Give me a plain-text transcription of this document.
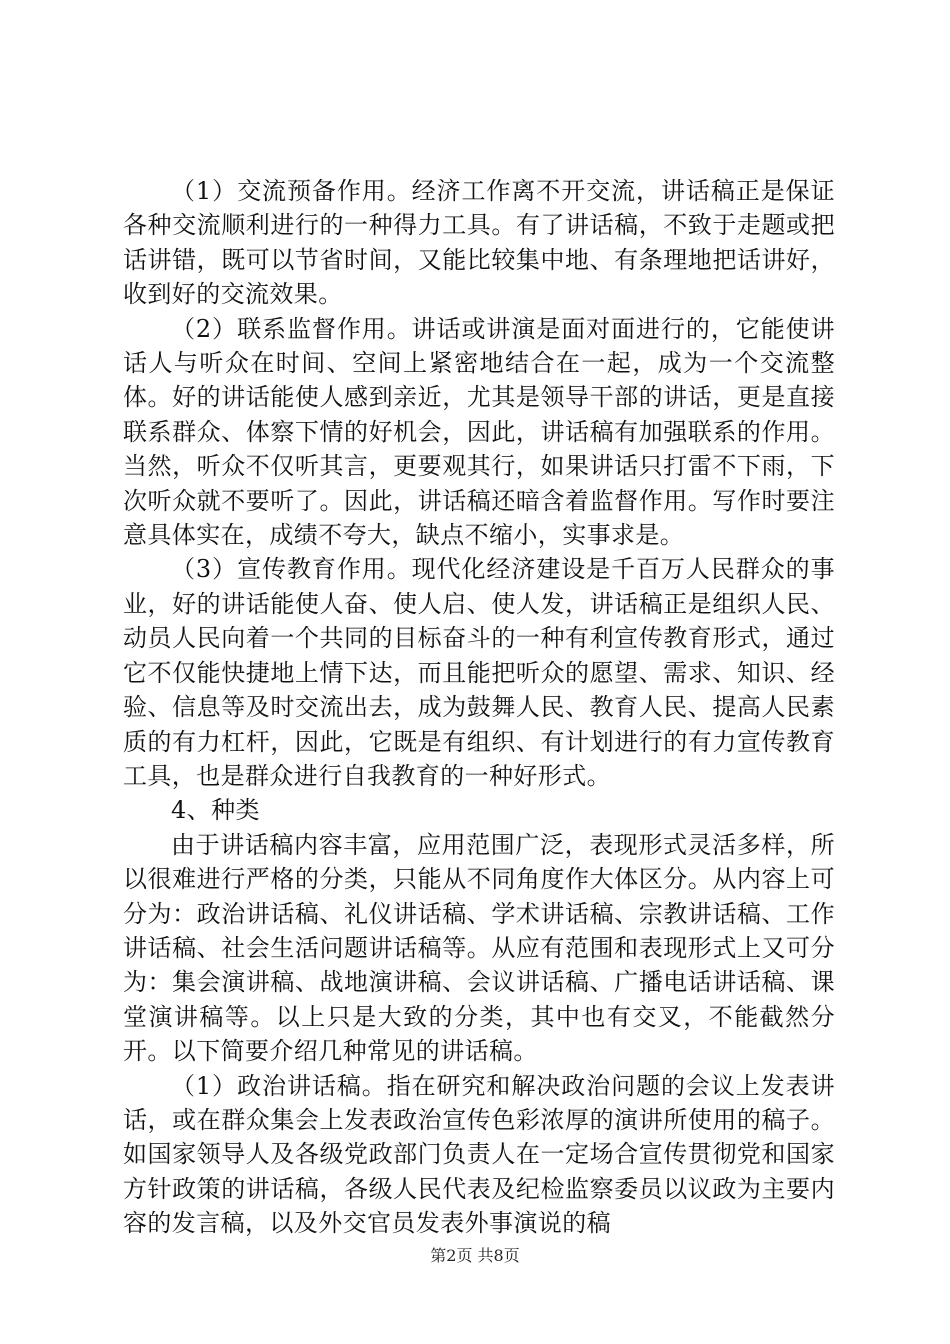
（1）交流预备作用。经济工作离不开交流，讲话稿正是保证各种交流顺利进行的一种得力工具。有了讲话稿，不致于走题或把话讲错，既可以节省时间，又能比较集中地、有条理地把话讲好，收到好的交流效果。

（2）联系监督作用。讲话或讲演是面对面进行的，它能使讲话人与听众在时间、空间上紧密地结合在一起，成为一个交流整体。好的讲话能使人感到亲近，尤其是领导干部的讲话，更是直接联系群众、体察下情的好机会，因此，讲话稿有加强联系的作用。当然，听众不仅听其言，更要观其行，如果讲话只打雷不下雨，下次听众就不要听了。因此，讲话稿还暗含着监督作用。写作时要注意具体实在，成绩不夸大，缺点不缩小，实事求是。

（3）宣传教育作用。现代化经济建设是千百万人民群众的事业，好的讲话能使人奋、使人启、使人发，讲话稿正是组织人民、动员人民向着一个共同的目标奋斗的一种有利宣传教育形式，通过它不仅能快捷地上情下达，而且能把听众的愿望、需求、知识、经验、信息等及时交流出去，成为鼓舞人民、教育人民、提高人民素质的有力杠杆，因此，它既是有组织、有计划进行的有力宣传教育工具，也是群众进行自我教育的一种好形式。

4、种类

由于讲话稿内容丰富，应用范围广泛，表现形式灵活多样，所以很难进行严格的分类，只能从不同角度作大体区分。从内容上可分为：政治讲话稿、礼仪讲话稿、学术讲话稿、宗教讲话稿、工作讲话稿、社会生活问题讲话稿等。从应有范围和表现形式上又可分为：集会演讲稿、战地演讲稿、会议讲话稿、广播电话讲话稿、课堂演讲稿等。以上只是大致的分类，其中也有交叉，不能截然分开。以下简要介绍几种常见的讲话稿。

（1）政治讲话稿。指在研究和解决政治问题的会议上发表讲话，或在群众集会上发表政治宣传色彩浓厚的演讲所使用的稿子。如国家领导人及各级党政部门负责人在一定场合宣传贯彻党和国家方针政策的讲话稿，各级人民代表及纪检监察委员以议政为主要内容的发言稿，以及外交官员发表外事演说的稿

第2页 共8页
